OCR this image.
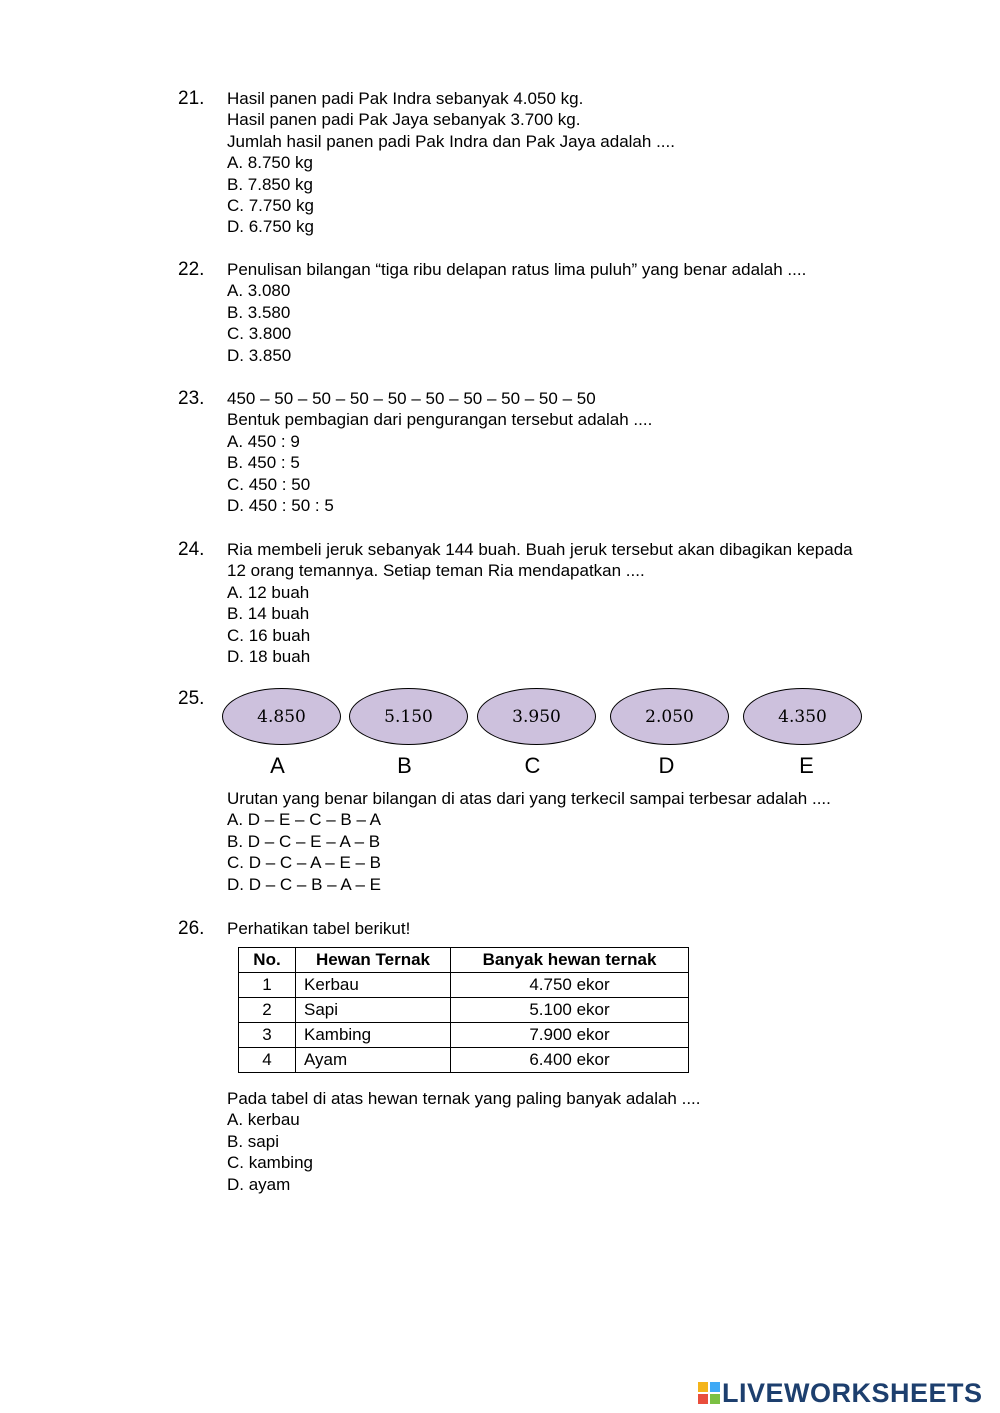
21. Hasil panen padi Pak Indra sebanyak 4.050 kg.
Hasil panen padi Pak Jaya sebanyak 3.700 kg.
Jumlah hasil panen padi Pak Indra dan Pak Jaya adalah ....
A. 8.750 kg
B. 7.850 kg
C. 7.750 kg
D. 6.750 kg
22. Penulisan bilangan “tiga ribu delapan ratus lima puluh” yang benar adalah ....
A. 3.080
B. 3.580
C. 3.800
D. 3.850
23. 450 – 50 – 50 – 50 – 50 – 50 – 50 – 50 – 50 – 50
Bentuk pembagian dari pengurangan tersebut adalah ....
A. 450 : 9
B. 450 : 5
C. 450 : 50
D. 450 : 50 : 5
24. Ria membeli jeruk sebanyak 144 buah. Buah jeruk tersebut akan dibagikan kepada
12 orang temannya. Setiap teman Ria mendapatkan ....
A. 12 buah
B. 14 buah
C. 16 buah
D. 18 buah
25.
4.850	5.150	3.950	2.050	4.350
A	B	C	D	E
Urutan yang benar bilangan di atas dari yang terkecil sampai terbesar adalah ....
A. D – E – C – B – A
B. D – C – E – A – B
C. D – C – A – E – B
D. D – C – B – A – E
26. Perhatikan tabel berikut!
No.	Hewan Ternak	Banyak hewan ternak
1	Kerbau	4.750 ekor
2	Sapi	5.100 ekor
3	Kambing	7.900 ekor
4	Ayam	6.400 ekor
Pada tabel di atas hewan ternak yang paling banyak adalah ....
A. kerbau
B. sapi
C. kambing
D. ayam
LIVEWORKSHEETS
